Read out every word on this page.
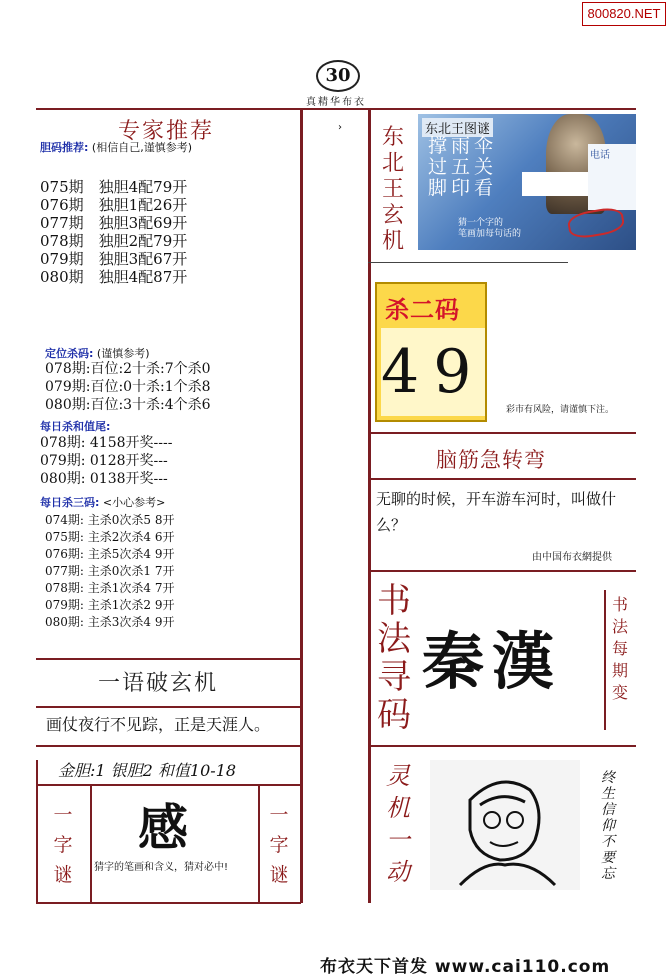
800820.NET
30
真精华布衣
专家推荐
胆码推荐: (相信自己,谨慎参考)
075期　独胆4配79开
076期　独胆1配26开
077期　独胆3配69开
078期　独胆2配79开
079期　独胆3配67开
080期　独胆4配87开
定位杀码: (谨慎参考)
078期:百位:2十杀:7个杀0
079期:百位:0十杀:1个杀8
080期:百位:3十杀:4个杀6
每日杀和值尾:
078期: 4158开奖----
079期: 0128开奖---
080期: 0138开奖---
每日杀三码: <小心参考>
074期: 主杀0次杀5 8开
075期: 主杀2次杀4 6开
076期: 主杀5次杀4 9开
077期: 主杀0次杀1 7开
078期: 主杀1次杀4 7开
079期: 主杀1次杀2 9开
080期: 主杀3次杀4 9开
一语破玄机
画仗夜行不见踪，正是天涯人。
金胆:1 银胆2 和值10-18
一
字
谜
感
猜字的笔画和含义，猜对必中!
一
字
谜
›	东
北
王
玄
机
东北王图谜
撑雨伞
过五关
脚印看
电话
猜一个字的
笔画加每句话的
杀二码
49
彩市有风险，请谨慎下注。
脑筋急转弯
无聊的时候，开车游车河时，叫做什么？
由中国布衣網提供
书
法
寻
码
秦漢
书
法
每
期
变
灵
机
一
动
终
生
信
仰
不
要
忘
布衣天下首发 www.cai110.com
